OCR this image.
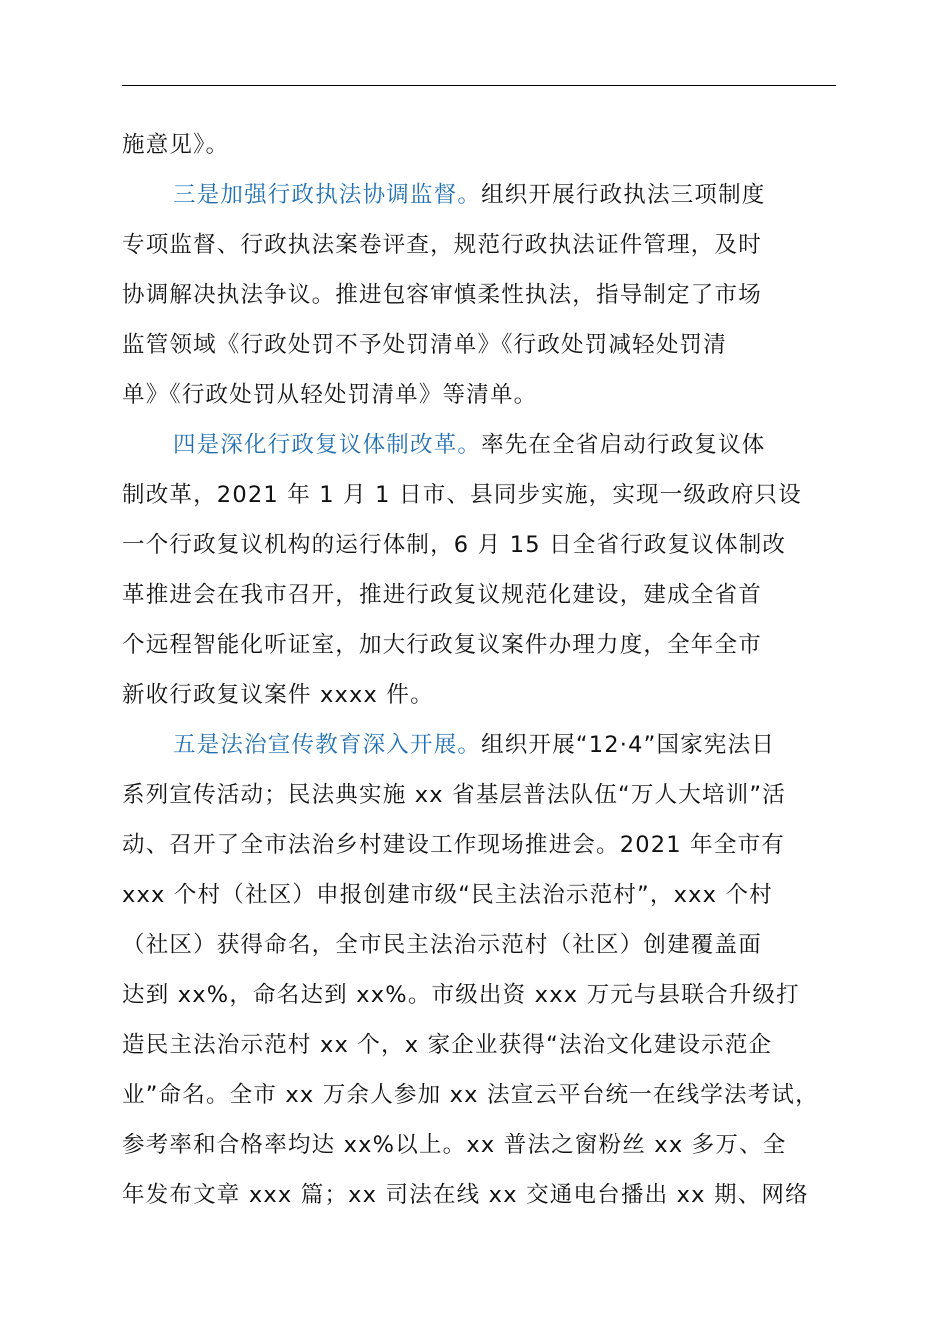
施意见》。
三是加强行政执法协调监督。组织开展行政执法三项制度
专项监督、行政执法案卷评查，规范行政执法证件管理，及时
协调解决执法争议。推进包容审慎柔性执法，指导制定了市场
监管领域《行政处罚不予处罚清单》《行政处罚减轻处罚清
单》《行政处罚从轻处罚清单》等清单。
四是深化行政复议体制改革。率先在全省启动行政复议体
制改革，2021 年 1 月 1 日市、县同步实施，实现一级政府只设
一个行政复议机构的运行体制，6 月 15 日全省行政复议体制改
革推进会在我市召开，推进行政复议规范化建设，建成全省首
个远程智能化听证室，加大行政复议案件办理力度，全年全市
新收行政复议案件 xxxx 件。
五是法治宣传教育深入开展。组织开展“12·4”国家宪法日
系列宣传活动；民法典实施 xx 省基层普法队伍“万人大培训”活
动、召开了全市法治乡村建设工作现场推进会。2021 年全市有
xxx 个村（社区）申报创建市级“民主法治示范村”，xxx 个村
（社区）获得命名，全市民主法治示范村（社区）创建覆盖面
达到 xx%，命名达到 xx%。市级出资 xxx 万元与县联合升级打
造民主法治示范村 xx 个，x 家企业获得“法治文化建设示范企
业”命名。全市 xx 万余人参加 xx 法宣云平台统一在线学法考试，
参考率和合格率均达 xx%以上。xx 普法之窗粉丝 xx 多万、全
年发布文章 xxx 篇；xx 司法在线 xx 交通电台播出 xx 期、网络
